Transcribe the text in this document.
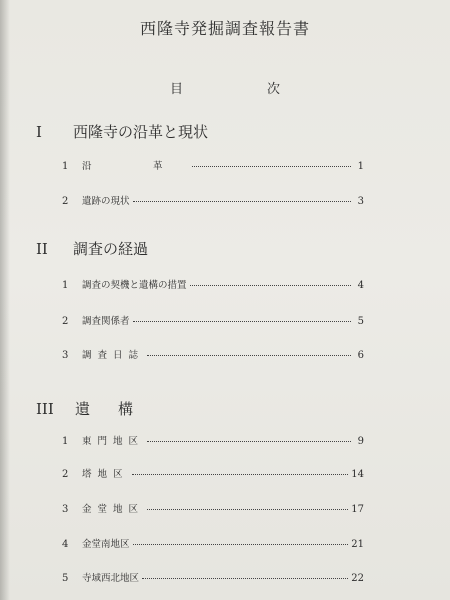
西隆寺発掘調査報告書
目	次
I	西隆寺の沿革と現状
1	沿　革	1
2	遺跡の現状	3
II	調査の経過
1	調査の契機と遺構の措置	4
2	調査関係者	5
3	調査日誌	6
III	遺構
1	東門地区	9
2	塔地区	14
3	金堂地区	17
4	金堂南地区	21
5	寺域西北地区	22
